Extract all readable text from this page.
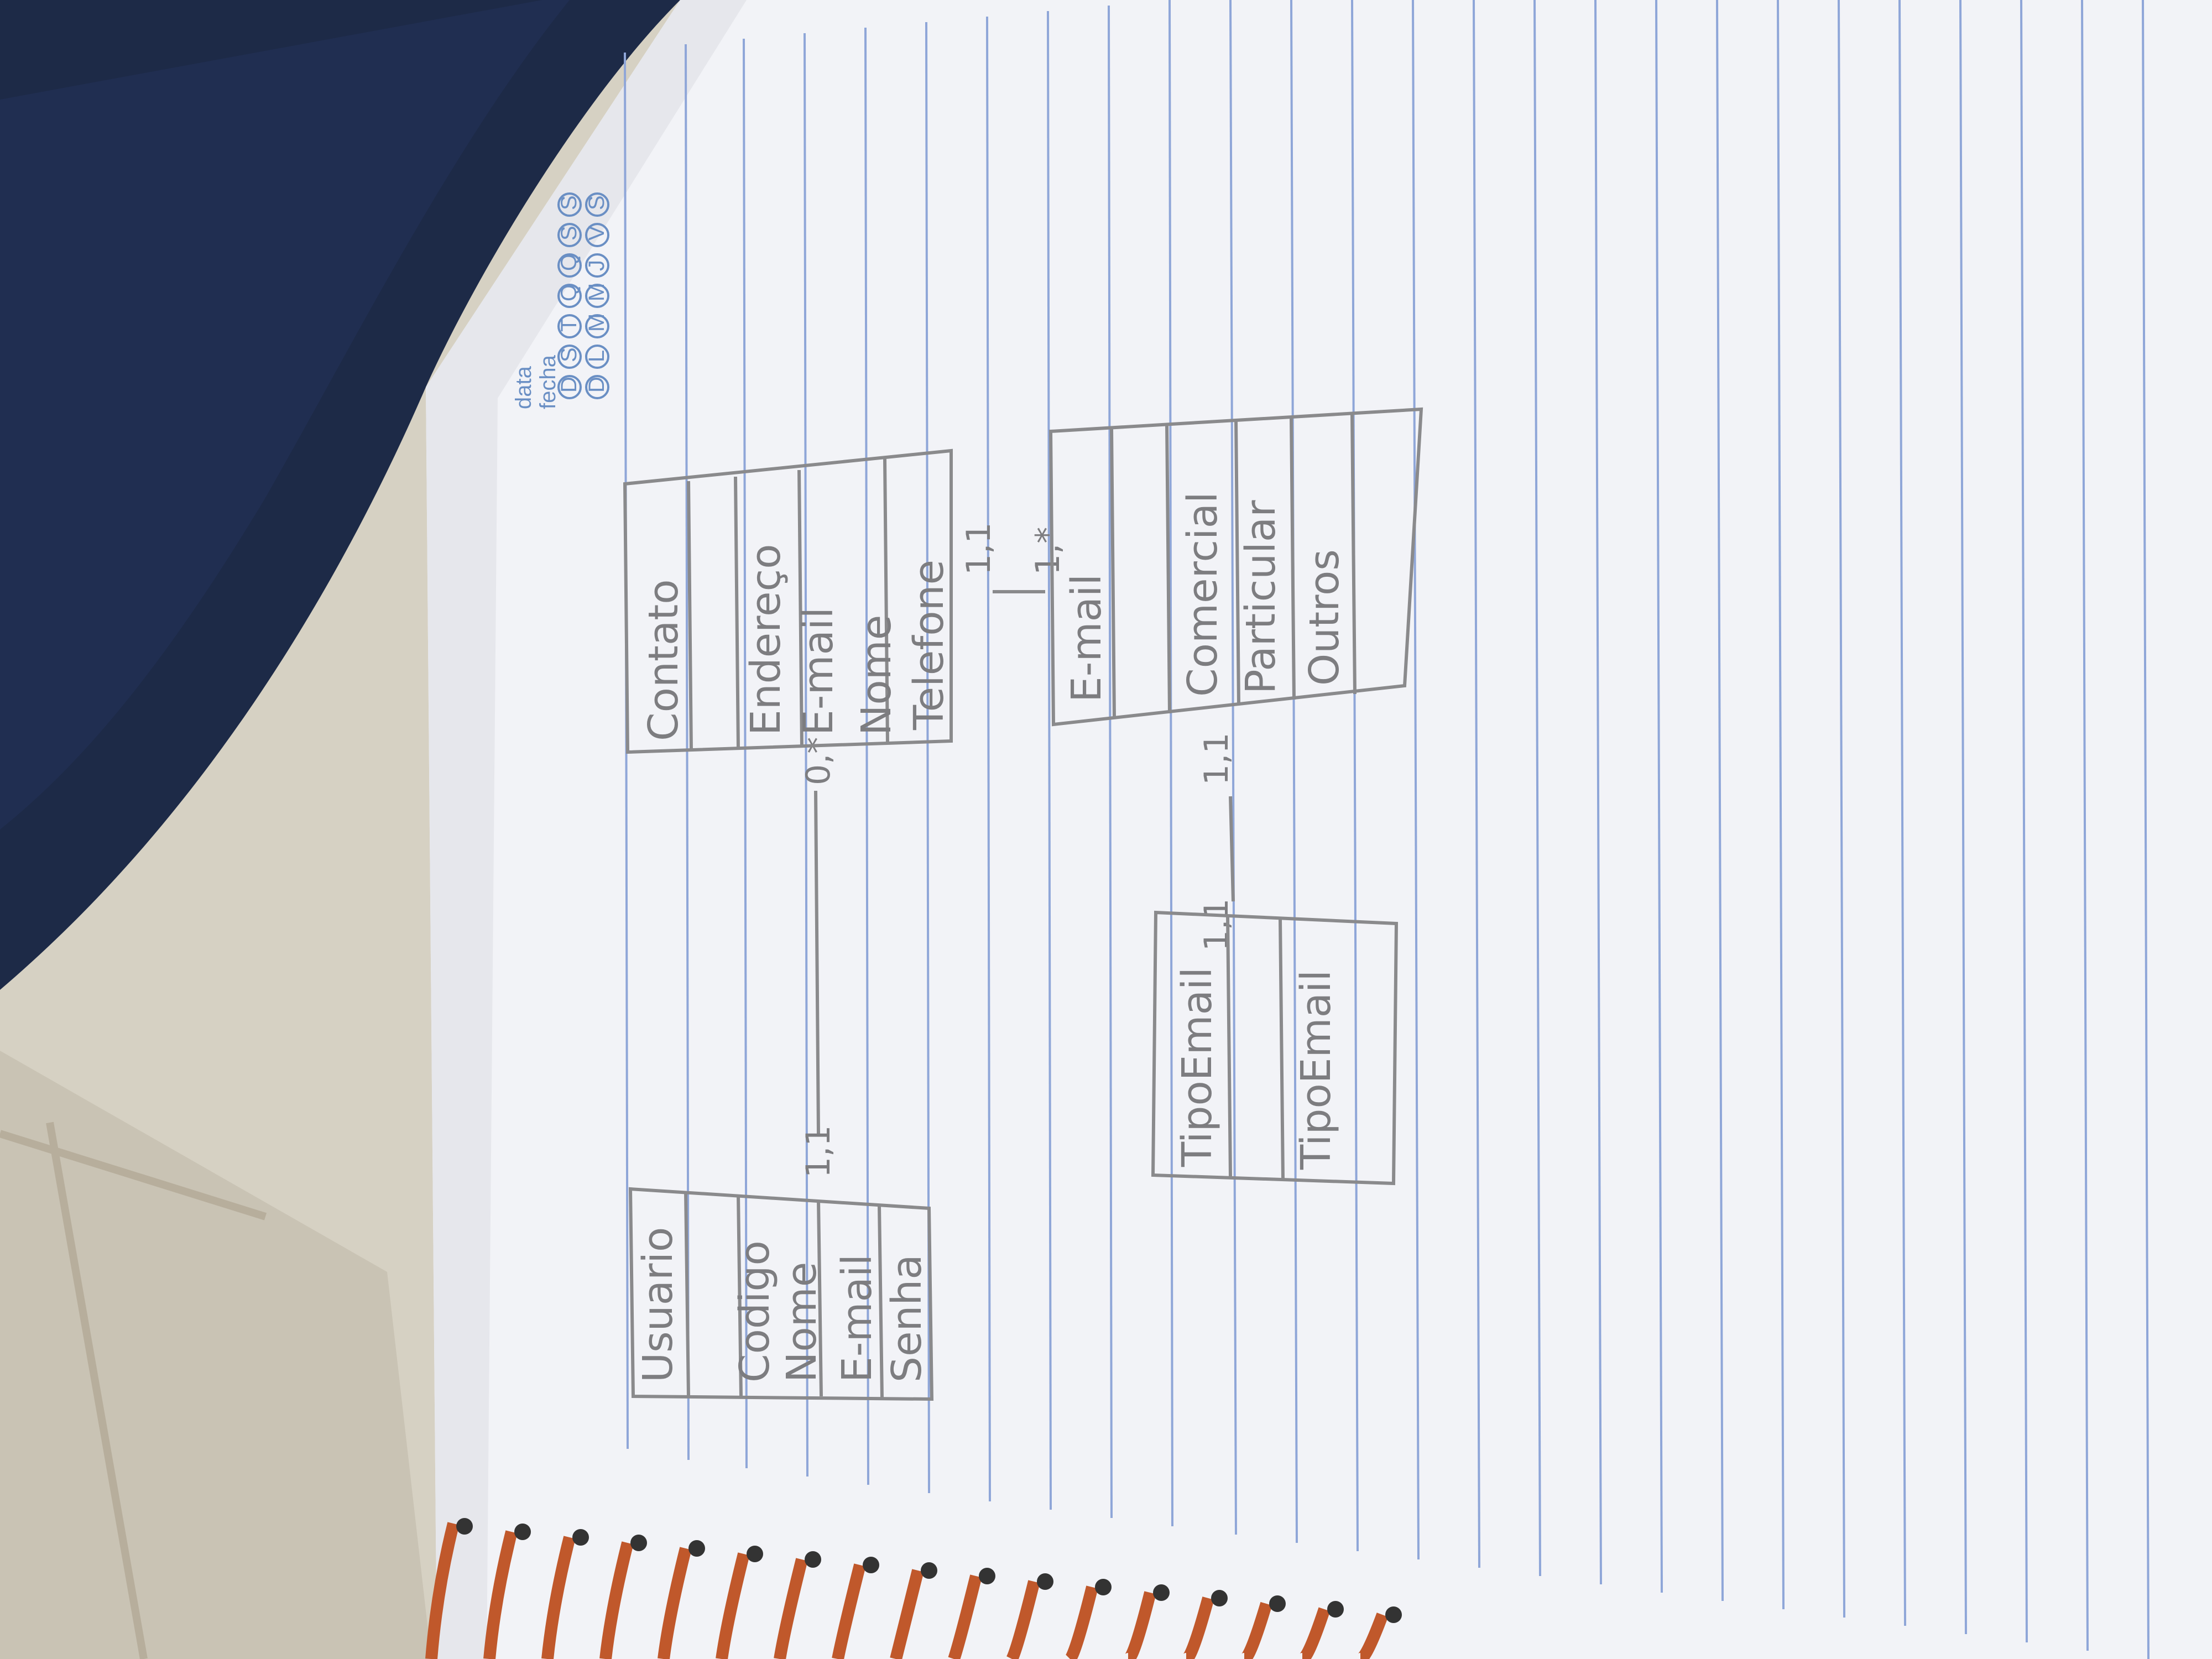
data fecha
D
S
T
Q
Q
S
S
D
L
M
M
J
V
S
Usuario Codigo Nome E-mail Senha
1,1
0,*
Contato Endereço E-mail Nome Telefone
1,1 1,*
E-mail Comercial Particular Outros
1,1
1,1
TipoEmail TipoEmail
